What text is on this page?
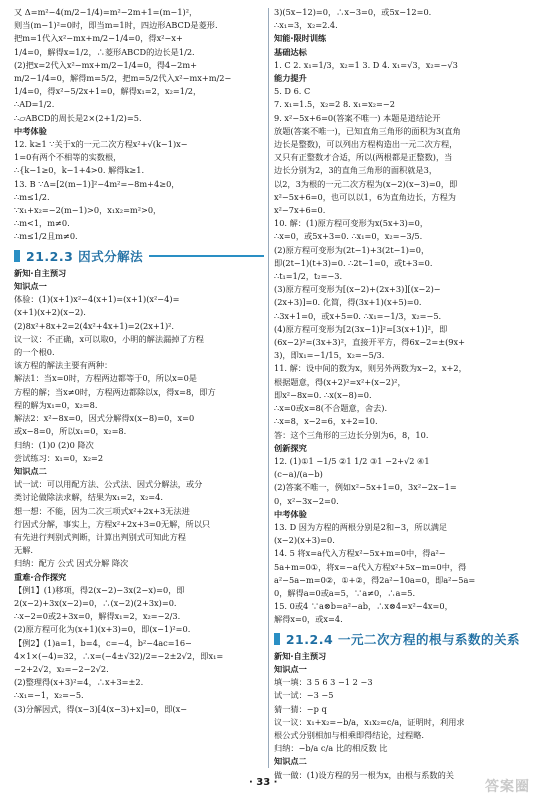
又 Δ=m²−4(m/2−1/4)=m²−2m+1=(m−1)²，
则当(m−1)²=0时，即当m=1时，四边形ABCD是菱形.
把m=1代入x²−mx+m/2−1/4=0，得x²−x+
1/4=0，解得x=1/2，∴菱形ABCD的边长是1/2.
(2)把x=2代入x²−mx+m/2−1/4=0，得4−2m+
m/2−1/4=0，解得m=5/2，把m=5/2代入x²−mx+m/2−
1/4=0，得x²−5/2x+1=0，解得x₁=2，x₂=1/2，
∴AD=1/2.
∴▱ABCD的周长是2×(2+1/2)=5.
中考体验
12. k≥1 ∵关于x的一元二次方程x²+√(k−1)x−
1=0有两个不相等的实数根，
∴{k−1≥0，k−1+4>0. 解得k≥1.
13. B ∵Δ=[2(m−1)]²−4m²=−8m+4≥0，
∴m≤1/2.
∵x₁+x₂=−2(m−1)>0，x₁x₂=m²>0，
∴m<1，m≠0.
∴m≤1/2且m≠0.
21.2.3 因式分解法
新知·自主预习
知识点一
体验：(1)(x+1)x²−4(x+1)=(x+1)(x²−4)=
(x+1)(x+2)(x−2).
(2)8x²+8x+2=2(4x²+4x+1)=2(2x+1)².
议一议：不正确，x可以取0，小明的解法漏掉了方程
的一个根0.
该方程的解法主要有两种：
解法1：当x=0时，方程两边都等于0，所以x=0是
方程的解；当x≠0时，方程两边都除以x，得x=8，即方
程的解为x₁=0，x₂=8.
解法2：x²−8x=0，因式分解得x(x−8)=0，x=0
或x−8=0，所以x₁=0，x₂=8.
归纳：(1)0 (2)0 降次
尝试练习：x₁=0，x₂=2
知识点二
试一试：可以用配方法、公式法、因式分解法，或分
类讨论做除法求解，结果为x₁=2，x₂=4.
想一想：不能，因为二次三项式x²+2x+3无法进
行因式分解，事实上，方程x²+2x+3=0无解，所以只
有先进行判别式判断，计算出判别式可知此方程
无解.
归纳：配方 公式 因式分解 降次
重难·合作探究
【例1】(1)移项，得2(x−2)−3x(2−x)=0，即
2(x−2)+3x(x−2)=0，∴(x−2)(2+3x)=0.
∴x−2=0或2+3x=0，解得x₁=2，x₂=−2/3.
(2)原方程可化为(x+1)(x+3)=0，即(x−1)²=0.
【例2】(1)a=1，b=4，c=−4，b²−4ac=16−
4×1×(−4)=32，∴x=(−4±√32)/2=−2±2√2，即x₁=
−2+2√2，x₂=−2−2√2.
(2)整理得(x+3)²=4，∴x+3=±2.
∴x₁=−1，x₂=−5.
(3)分解因式，得(x−3)[4(x−3)+x]=0，即(x−
3)(5x−12)=0，∴x−3=0，或5x−12=0.
∴x₁=3，x₂=2.4.
知能·限时训练
基础达标
1. C 2. x₁=1/3，x₂=1 3. D 4. x₁=√3，x₂=−√3
能力提升
5. D 6. C
7. x₁=1.5，x₂=2 8. x₁=x₂=−2
9. x²−5x+6=0(答案不唯一) 本题是道结论开
放题(答案不唯一)，已知直角三角形的面积为3(直角
边长是整数)，可以列出方程构造出一元二次方程，
又只有正整数才合适，所以(两根都是正整数)，当
边长分别为2，3的直角三角形的面积就是3，
以2，3为根的一元二次方程为(x−2)(x−3)=0，即
x²−5x+6=0，也可以以1，6为直角边长，方程为
x²−7x+6=0.
10. 解：(1)原方程可变形为x(5x+3)=0，
∴x=0，或5x+3=0. ∴x₁=0，x₂=−3/5.
(2)原方程可变形为(2t−1)+3(2t−1)=0，
即(2t−1)(t+3)=0. ∴2t−1=0，或t+3=0.
∴t₁=1/2，t₂=−3.
(3)原方程可变形为[(x−2)+(2x+3)][(x−2)−
(2x+3)]=0. 化简，得(3x+1)(x+5)=0.
∴3x+1=0，或x+5=0. ∴x₁=−1/3，x₂=−5.
(4)原方程可变形为[2(3x−1)]²=[3(x+1)]²，即
(6x−2)²=(3x+3)²，直接开平方，得6x−2=±(9x+
3)，即x₁=−1/15，x₂=−5/3.
11. 解：设中间的数为x，则另外两数为x−2，x+2，
根据题意，得(x+2)²=x²+(x−2)²，
即x²−8x=0. ∴x(x−8)=0.
∴x=0或x=8(不合题意，舍去).
∴x=8，x−2=6，x+2=10.
答：这个三角形的三边长分别为6，8，10.
创新探究
12. (1)①1 −1/5 ②1 1/2 ③1 −2+√2 ④1
(c−a)/(a−b)
(2)答案不唯一，例如x²−5x+1=0，3x²−2x−1=
0，x²−3x−2=0.
中考体验
13. D 因为方程的两根分别是2和−3，所以满足
(x−2)(x+3)=0.
14. 5 将x=a代入方程x²−5x+m=0中，得a²−
5a+m=0①，将x=−a代入方程x²+5x−m=0中，得
a²−5a−m=0②，①+②，得2a²−10a=0，即a²−5a=
0，解得a=0或a=5，∵a≠0，∴a=5.
15. 0或4 ∵a⊗b=a²−ab，∴x⊗4=x²−4x=0，
解得x=0，或x=4.
21.2.4 一元二次方程的根与系数的关系
新知·自主预习
知识点一
填一填：3 5 6 3 −1 2 −3
试一试：−3 −5
猜一猜：−p q
议一议：x₁+x₂=−b/a，x₁x₂=c/a，证明时，利用求
根公式分别相加与相乘即得结论，过程略.
归纳：−b/a c/a 比的相反数 比
知识点二
做一做：(1)设方程的另一根为x，由根与系数的关
· 33 ·	答案圈
